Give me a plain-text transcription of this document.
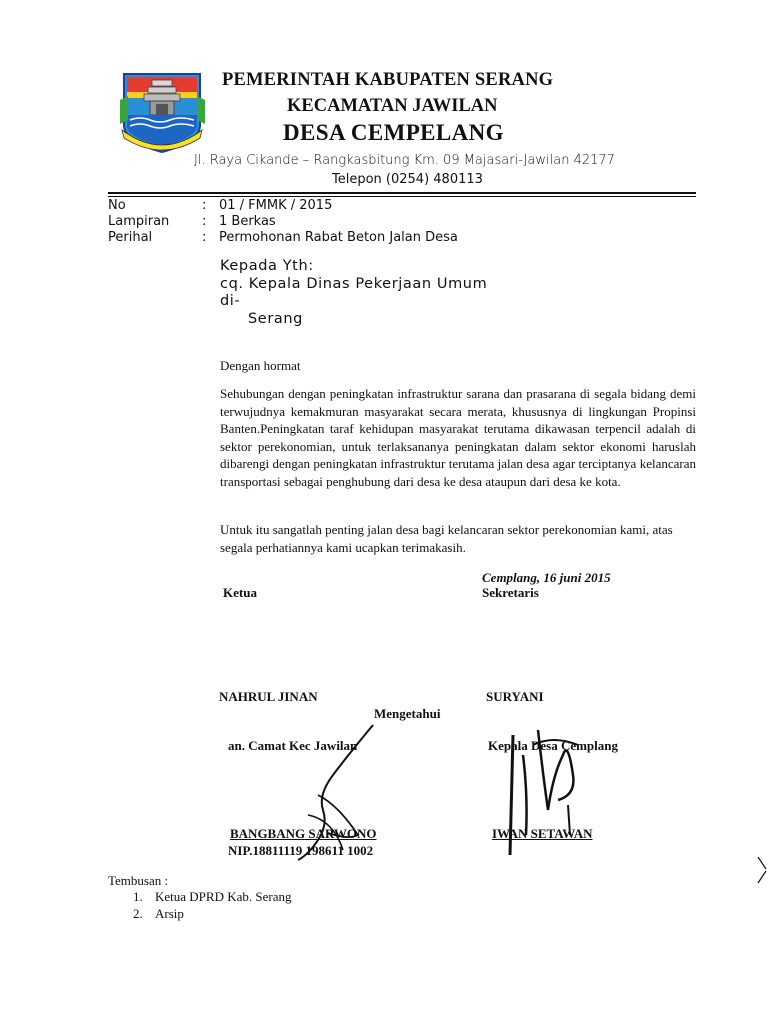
PEMERINTAH KABUPATEN SERANG
KECAMATAN JAWILAN
DESA CEMPELANG
Jl. Raya Cikande – Rangkasbitung Km. 09 Majasari-Jawilan 42177
Telepon (0254) 480113
No	:	01 / FMMK / 2015
Lampiran	:	1 Berkas
Perihal	:	Permohonan Rabat Beton Jalan Desa
Kepada Yth:
cq. Kepala Dinas Pekerjaan Umum
di-
Serang
Dengan hormat
Sehubungan dengan peningkatan infrastruktur sarana dan prasarana di segala bidang demi terwujudnya kemakmuran masyarakat secara merata, khususnya di lingkungan Propinsi Banten.Peningkatan taraf kehidupan masyarakat terutama dikawasan terpencil adalah di sektor perekonomian, untuk terlaksananya peningkatan dalam sektor ekonomi haruslah dibarengi dengan peningkatan infrastruktur terutama jalan desa agar terciptanya kelancaran transportasi sebagai penghubung dari desa ke desa ataupun dari desa ke kota.
Untuk itu sangatlah penting jalan desa bagi kelancaran sektor perekonomian kami, atas segala perhatiannya kami ucapkan terimakasih.
Cemplang, 16 juni 2015
Ketua	Sekretaris
NAHRUL JINAN	SURYANI
Mengetahui
an. Camat Kec Jawilan	Kepala Desa Cemplang
BANGBANG SARWONO
NIP.18811119 198611 1002
IWAN SETAWAN
Tembusan :
1. Ketua DPRD Kab. Serang
2. Arsip
